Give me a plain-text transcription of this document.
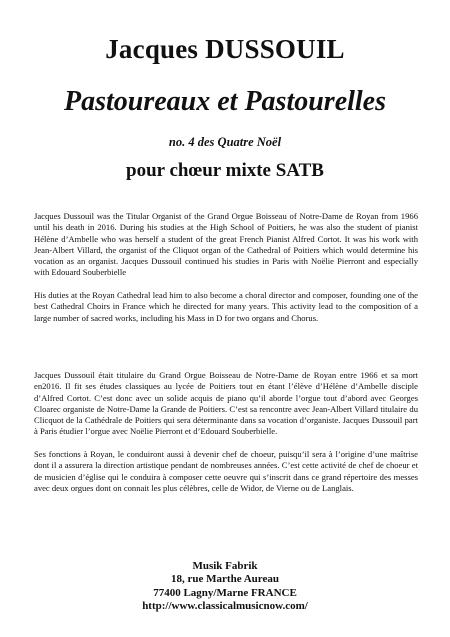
Jacques DUSSOUIL
Pastoureaux et Pastourelles
no. 4 des Quatre Noël
pour chœur mixte SATB
Jacques Dussouil was the Titular Organist of the Grand Orgue Boisseau of Notre-Dame de Royan from 1966 until his death in 2016. During his studies at the High School of Poitiers, he was also the student of pianist Hélène d’Ambelle who was herself a student of the great French Pianist Alfred Cortot. It was his work with Jean-Albert Villard, the organist of the Cliquot organ of the Cathedral of Poitiers which would determine his vocation as an organist. Jacques Dussouil continued his studies in Paris with Noëlie Pierront and especially with Edouard Souberbielle
His duties at the Royan Cathedral lead him to also become a choral director and composer, founding one of the best Cathedral Choirs in France which he directed for many years. This activity lead to the composition of a large number of sacred works, including his Mass in D for two organs and Chorus.
Jacques Dussouil était titulaire du Grand Orgue Boisseau de Notre-Dame de Royan entre 1966 et sa mort en2016. Il fit ses études classiques au lycée de Poitiers tout en étant l’élève d’Hélène d’Ambelle disciple d’Alfred Cortot. C’est donc avec un solide acquis de piano qu’il aborde l’orgue tout d’abord avec Georges Cloarec organiste de Notre-Dame la Grande de Poitiers. C’est sa rencontre avec Jean-Albert Villard titulaire du Clicquot de la Cathédrale de Poitiers qui sera déterminante dans sa vocation d’organiste. Jacques Dussouil part à Paris étudier l’orgue avec Noëlie Pierront et d’Edouard Souberbielle.
Ses fonctions à Royan, le conduiront aussi à devenir chef de choeur, puisqu’il sera à l’origine d’une maîtrise dont il a assurera la direction artistique pendant de nombreuses années. C’est cette activité de chef de choeur et de musicien d’église qui le conduira à composer cette oeuvre qui s’inscrit dans ce grand répertoire des messes avec deux orgues dont on connait les plus célèbres, celle de Widor, de Vierne ou de Langlais.
Musik Fabrik
18, rue Marthe Aureau
77400 Lagny/Marne FRANCE
http://www.classicalmusicnow.com/
